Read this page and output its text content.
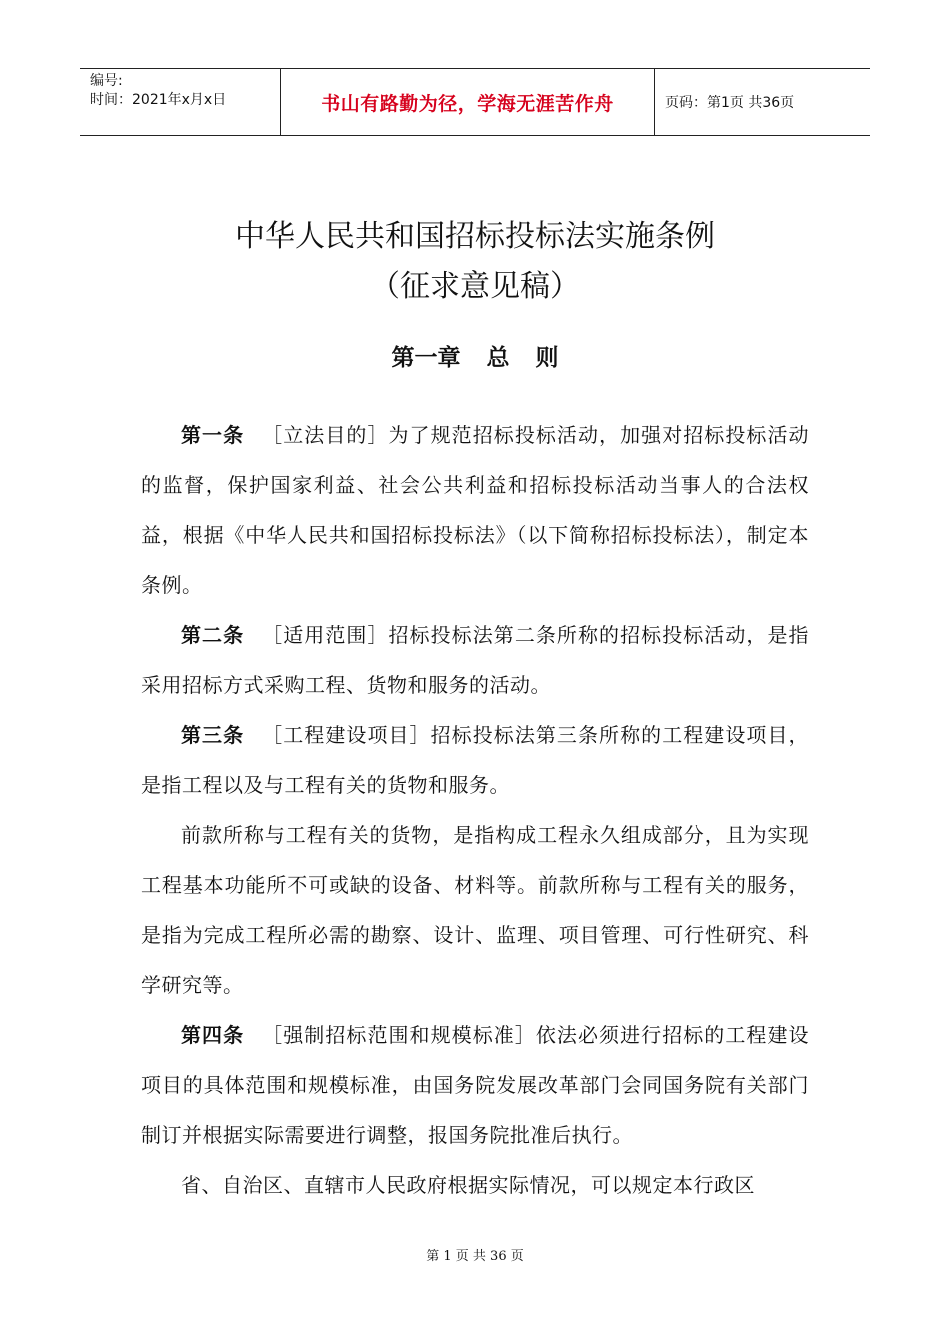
编号:
时间：2021年x月x日	书山有路勤为径，学海无涯苦作舟	页码：第1页 共36页
中华人民共和国招标投标法实施条例
（征求意见稿）
第一章 总 则

第一条 ［立法目的］为了规范招标投标活动，加强对招标投标活动的监督，保护国家利益、社会公共利益和招标投标活动当事人的合法权益，根据《中华人民共和国招标投标法》（以下简称招标投标法），制定本条例。

第二条 ［适用范围］招标投标法第二条所称的招标投标活动，是指采用招标方式采购工程、货物和服务的活动。

第三条 ［工程建设项目］招标投标法第三条所称的工程建设项目，是指工程以及与工程有关的货物和服务。

前款所称与工程有关的货物，是指构成工程永久组成部分，且为实现工程基本功能所不可或缺的设备、材料等。前款所称与工程有关的服务，是指为完成工程所必需的勘察、设计、监理、项目管理、可行性研究、科学研究等。

第四条 ［强制招标范围和规模标准］依法必须进行招标的工程建设项目的具体范围和规模标准，由国务院发展改革部门会同国务院有关部门制订并根据实际需要进行调整，报国务院批准后执行。

省、自治区、直辖市人民政府根据实际情况，可以规定本行政区

第 1 页 共 36 页
